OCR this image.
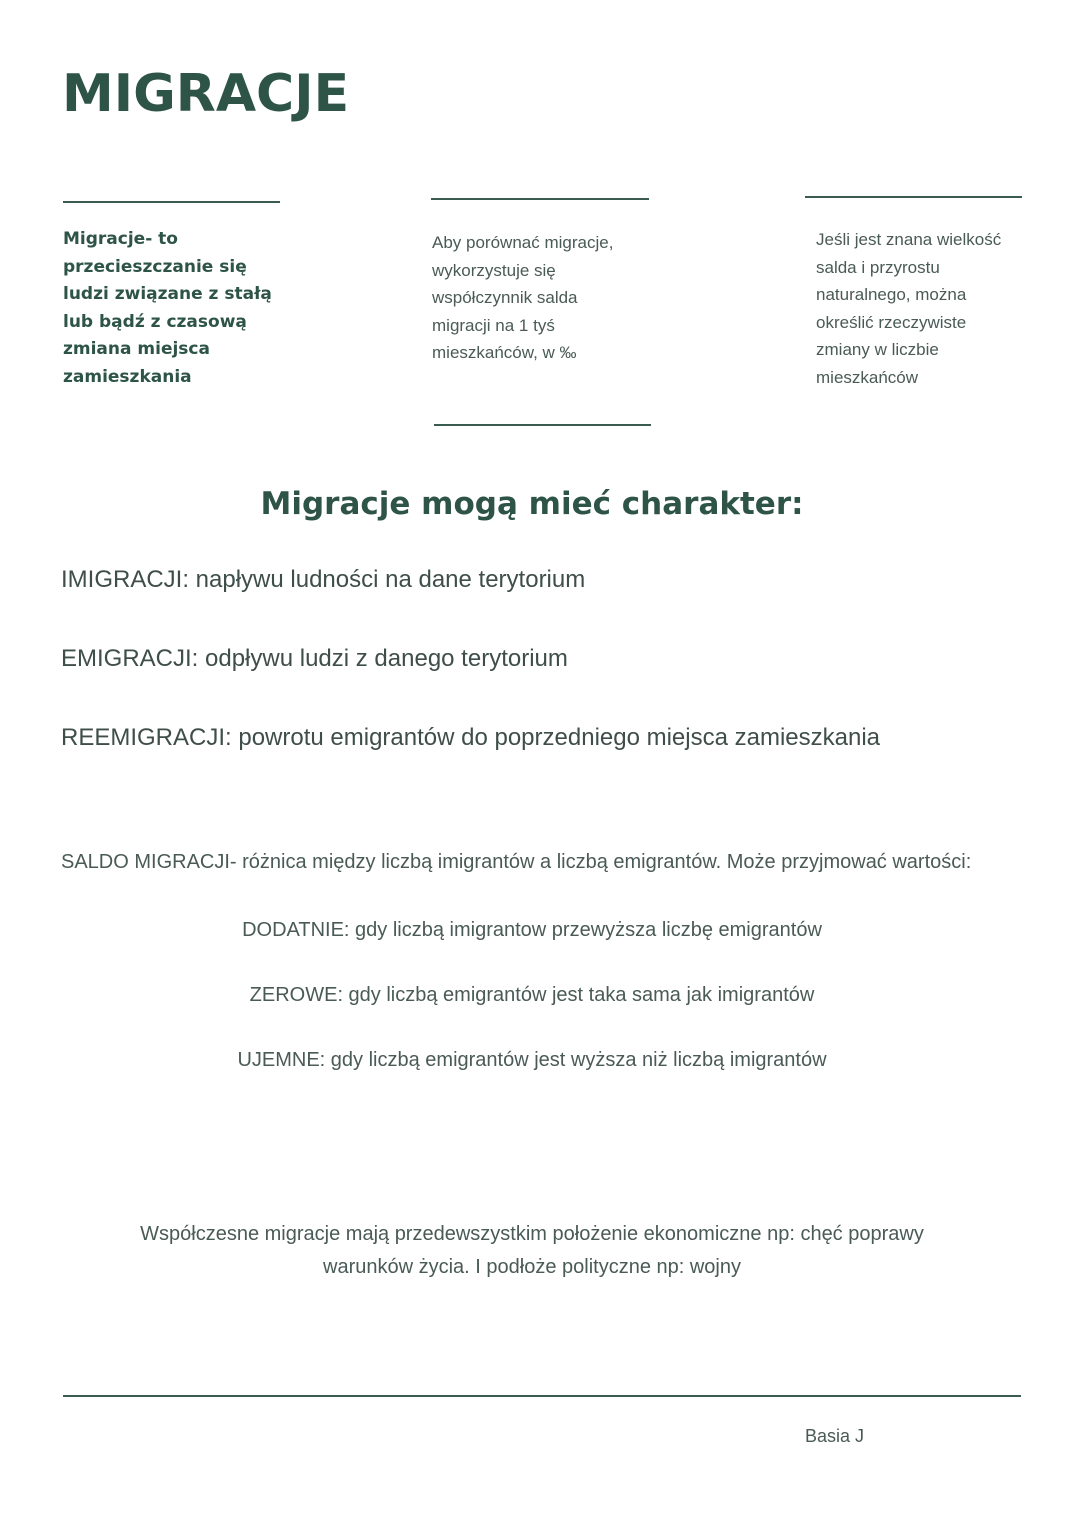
MIGRACJE

Migracje- to przecieszczanie się ludzi związane z stałą lub bądź z czasową zmiana miejsca zamieszkania

Aby porównać migracje, wykorzystuje się współczynnik salda migracji na 1 tyś mieszkańców, w ‰

Jeśli jest znana wielkość salda i przyrostu naturalnego, można określić rzeczywiste zmiany w liczbie mieszkańców

Migracje mogą mieć charakter:
IMIGRACJI: napływu ludności na dane terytorium
EMIGRACJI: odpływu ludzi z danego terytorium
REEMIGRACJI: powrotu emigrantów do poprzedniego miejsca zamieszkania

SALDO MIGRACJI- różnica między liczbą imigrantów a liczbą emigrantów. Może przyjmować wartości:

DODATNIE: gdy liczbą imigrantow przewyższa liczbę emigrantów
ZEROWE: gdy liczbą emigrantów jest taka sama jak imigrantów
UJEMNE: gdy liczbą emigrantów jest wyższa niż liczbą imigrantów

Współczesne migracje mają przedewszystkim położenie ekonomiczne np: chęć poprawy warunków życia. I podłoże polityczne np: wojny

Basia J
